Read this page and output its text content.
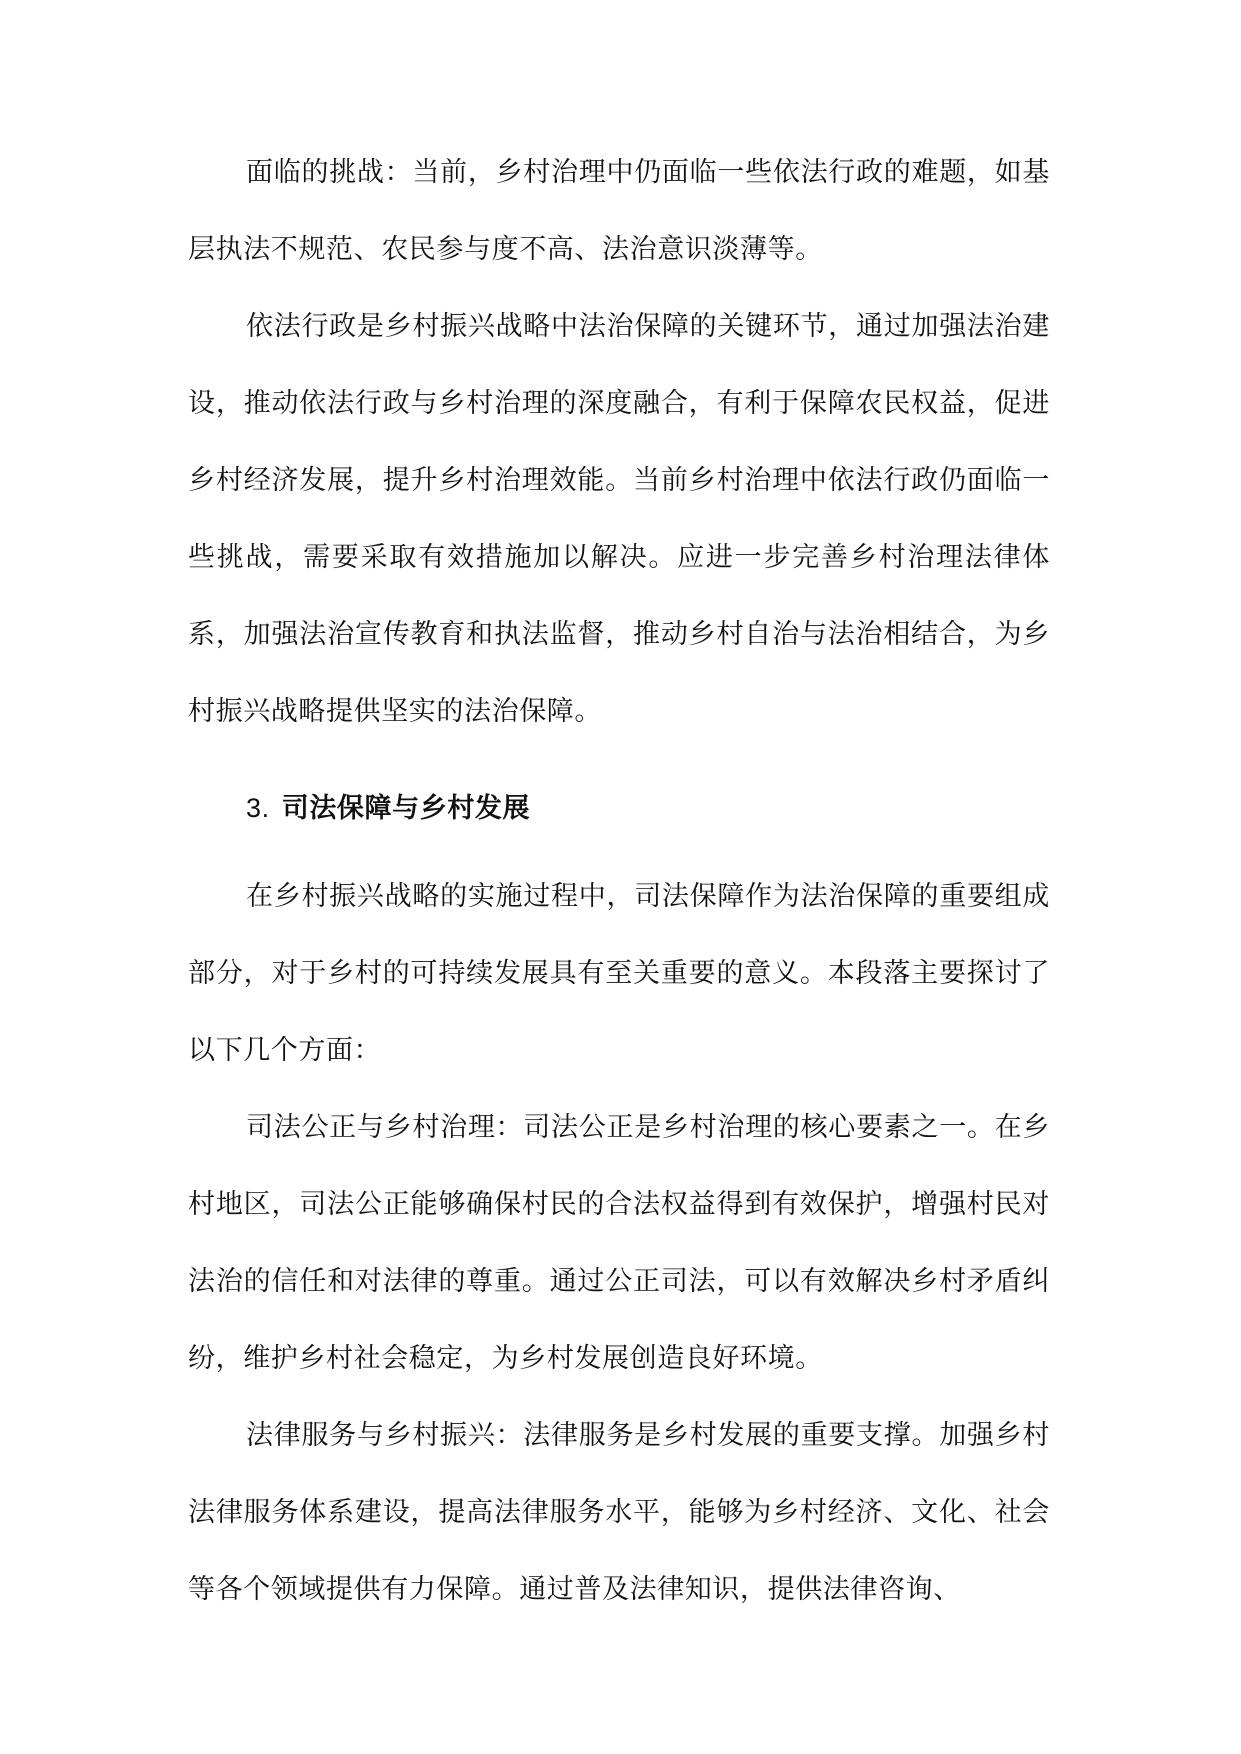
面临的挑战：当前，乡村治理中仍面临一些依法行政的难题，如基层执法不规范、农民参与度不高、法治意识淡薄等。

依法行政是乡村振兴战略中法治保障的关键环节，通过加强法治建设，推动依法行政与乡村治理的深度融合，有利于保障农民权益，促进乡村经济发展，提升乡村治理效能。当前乡村治理中依法行政仍面临一些挑战，需要采取有效措施加以解决。应进一步完善乡村治理法律体系，加强法治宣传教育和执法监督，推动乡村自治与法治相结合，为乡村振兴战略提供坚实的法治保障。

3. 司法保障与乡村发展

在乡村振兴战略的实施过程中，司法保障作为法治保障的重要组成部分，对于乡村的可持续发展具有至关重要的意义。本段落主要探讨了以下几个方面：

司法公正与乡村治理：司法公正是乡村治理的核心要素之一。在乡村地区，司法公正能够确保村民的合法权益得到有效保护，增强村民对法治的信任和对法律的尊重。通过公正司法，可以有效解决乡村矛盾纠纷，维护乡村社会稳定，为乡村发展创造良好环境。

法律服务与乡村振兴：法律服务是乡村发展的重要支撑。加强乡村法律服务体系建设，提高法律服务水平，能够为乡村经济、文化、社会等各个领域提供有力保障。通过普及法律知识，提供法律咨询、
